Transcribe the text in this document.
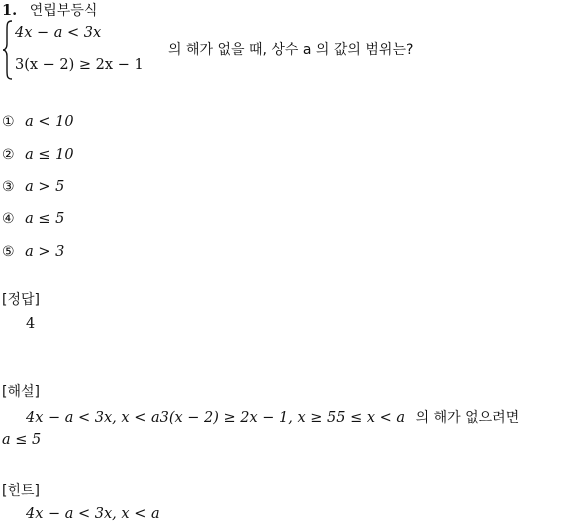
1. 연립부등식
4x − a < 3x
3(x − 2) ≥ 2x − 1
의 해가 없을 때, 상수 a 의 값의 범위는?
① a < 10
② a ≤ 10
③ a > 5
④ a ≤ 5
⑤ a > 3
[정답]
4
[해설]
4x − a < 3x, x < a3(x − 2) ≥ 2x − 1, x ≥ 55 ≤ x < a 의 해가 없으려면
a ≤ 5
[힌트]
4x − a < 3x, x < a
